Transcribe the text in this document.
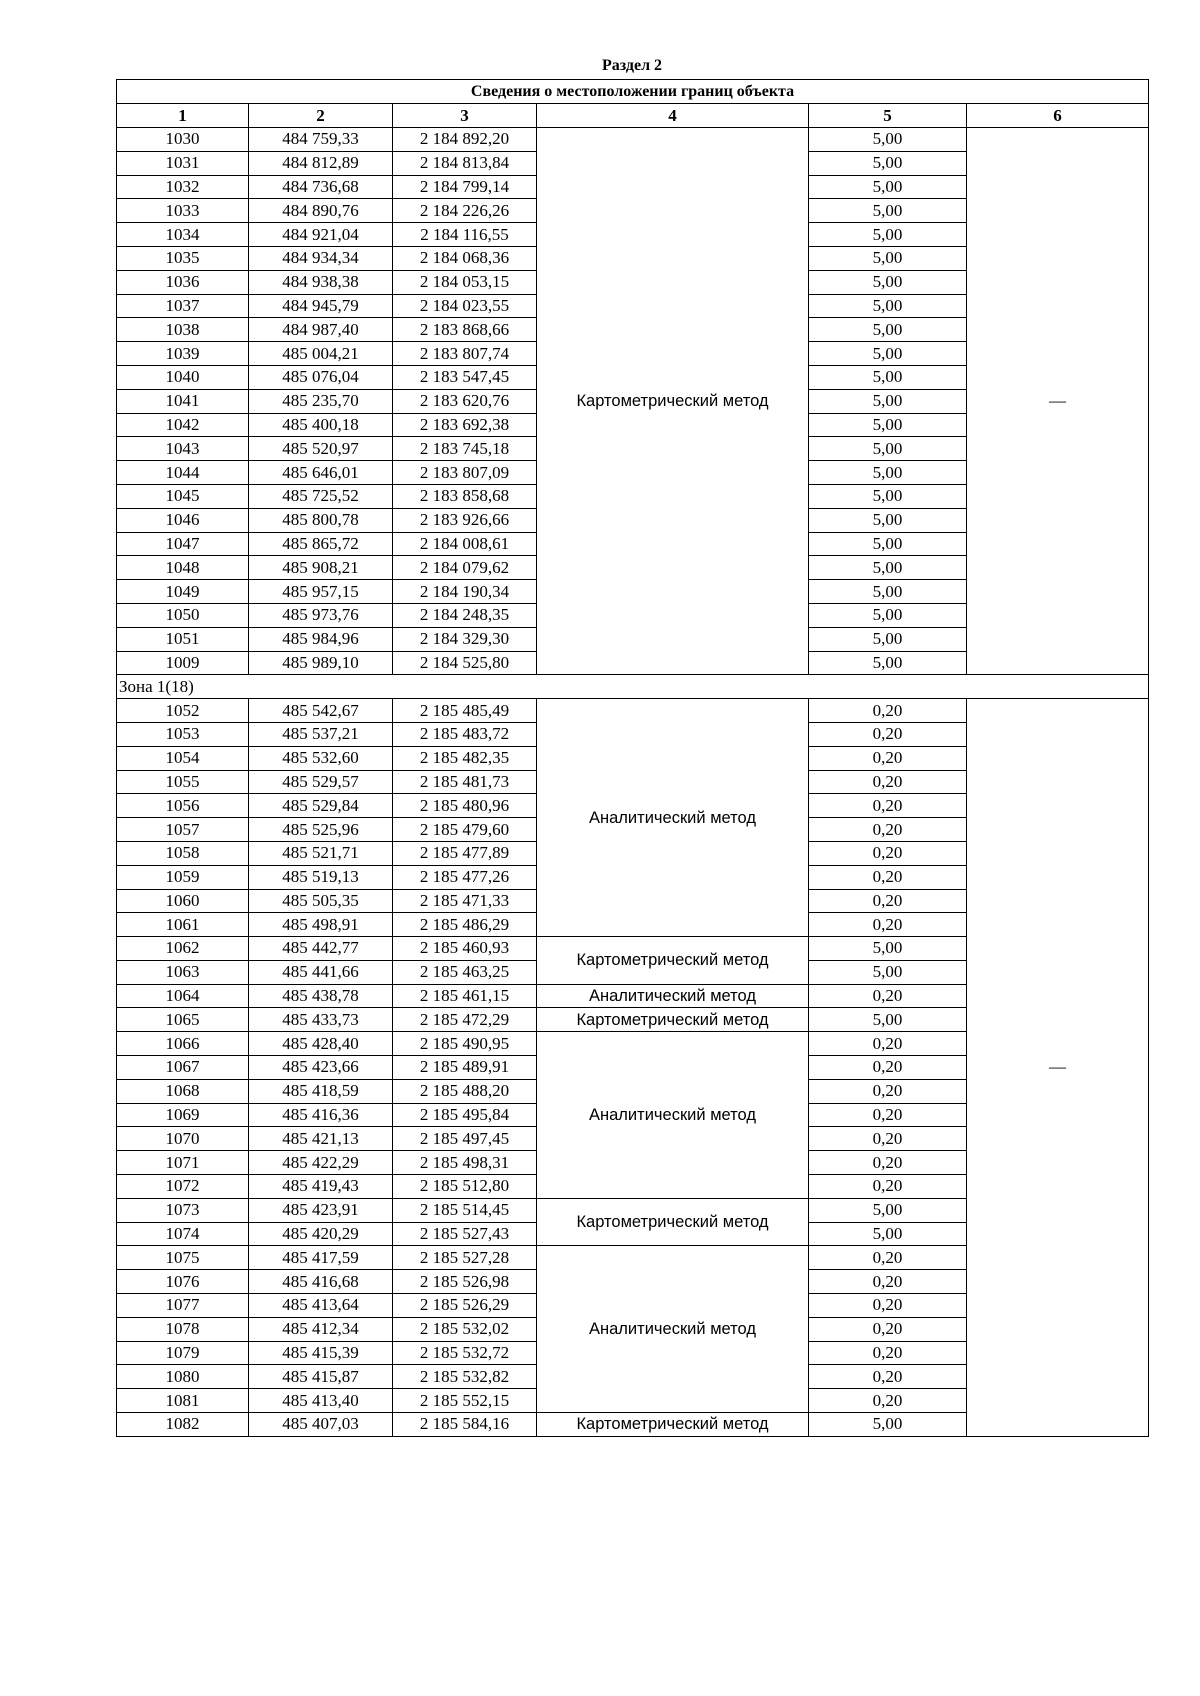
Раздел 2
Сведения о местоположении границ объекта					
1	2	3	4	5	6
1030	484 759,33	2 184 892,20	Картометрический метод	5,00	—
1031	484 812,89	2 184 813,84		5,00	
1032	484 736,68	2 184 799,14		5,00	
1033	484 890,76	2 184 226,26		5,00	
1034	484 921,04	2 184 116,55		5,00	
1035	484 934,34	2 184 068,36		5,00	
1036	484 938,38	2 184 053,15		5,00	
1037	484 945,79	2 184 023,55		5,00	
1038	484 987,40	2 183 868,66		5,00	
1039	485 004,21	2 183 807,74		5,00	
1040	485 076,04	2 183 547,45		5,00	
1041	485 235,70	2 183 620,76		5,00	
1042	485 400,18	2 183 692,38		5,00	
1043	485 520,97	2 183 745,18		5,00	
1044	485 646,01	2 183 807,09		5,00	
1045	485 725,52	2 183 858,68		5,00	
1046	485 800,78	2 183 926,66		5,00	
1047	485 865,72	2 184 008,61		5,00	
1048	485 908,21	2 184 079,62		5,00	
1049	485 957,15	2 184 190,34		5,00	
1050	485 973,76	2 184 248,35		5,00	
1051	485 984,96	2 184 329,30		5,00	
1009	485 989,10	2 184 525,80		5,00	
Зона 1(18)					
1052	485 542,67	2 185 485,49	Аналитический метод	0,20	—
1053	485 537,21	2 185 483,72		0,20	
1054	485 532,60	2 185 482,35		0,20	
1055	485 529,57	2 185 481,73		0,20	
1056	485 529,84	2 185 480,96		0,20	
1057	485 525,96	2 185 479,60		0,20	
1058	485 521,71	2 185 477,89		0,20	
1059	485 519,13	2 185 477,26		0,20	
1060	485 505,35	2 185 471,33		0,20	
1061	485 498,91	2 185 486,29		0,20	
1062	485 442,77	2 185 460,93	Картометрический метод	5,00	
1063	485 441,66	2 185 463,25		5,00	
1064	485 438,78	2 185 461,15	Аналитический метод	0,20	
1065	485 433,73	2 185 472,29	Картометрический метод	5,00	
1066	485 428,40	2 185 490,95	Аналитический метод	0,20	
1067	485 423,66	2 185 489,91		0,20	
1068	485 418,59	2 185 488,20		0,20	
1069	485 416,36	2 185 495,84		0,20	
1070	485 421,13	2 185 497,45		0,20	
1071	485 422,29	2 185 498,31		0,20	
1072	485 419,43	2 185 512,80		0,20	
1073	485 423,91	2 185 514,45	Картометрический метод	5,00	
1074	485 420,29	2 185 527,43		5,00	
1075	485 417,59	2 185 527,28	Аналитический метод	0,20	
1076	485 416,68	2 185 526,98		0,20	
1077	485 413,64	2 185 526,29		0,20	
1078	485 412,34	2 185 532,02		0,20	
1079	485 415,39	2 185 532,72		0,20	
1080	485 415,87	2 185 532,82		0,20	
1081	485 413,40	2 185 552,15		0,20	
1082	485 407,03	2 185 584,16	Картометрический метод	5,00	
